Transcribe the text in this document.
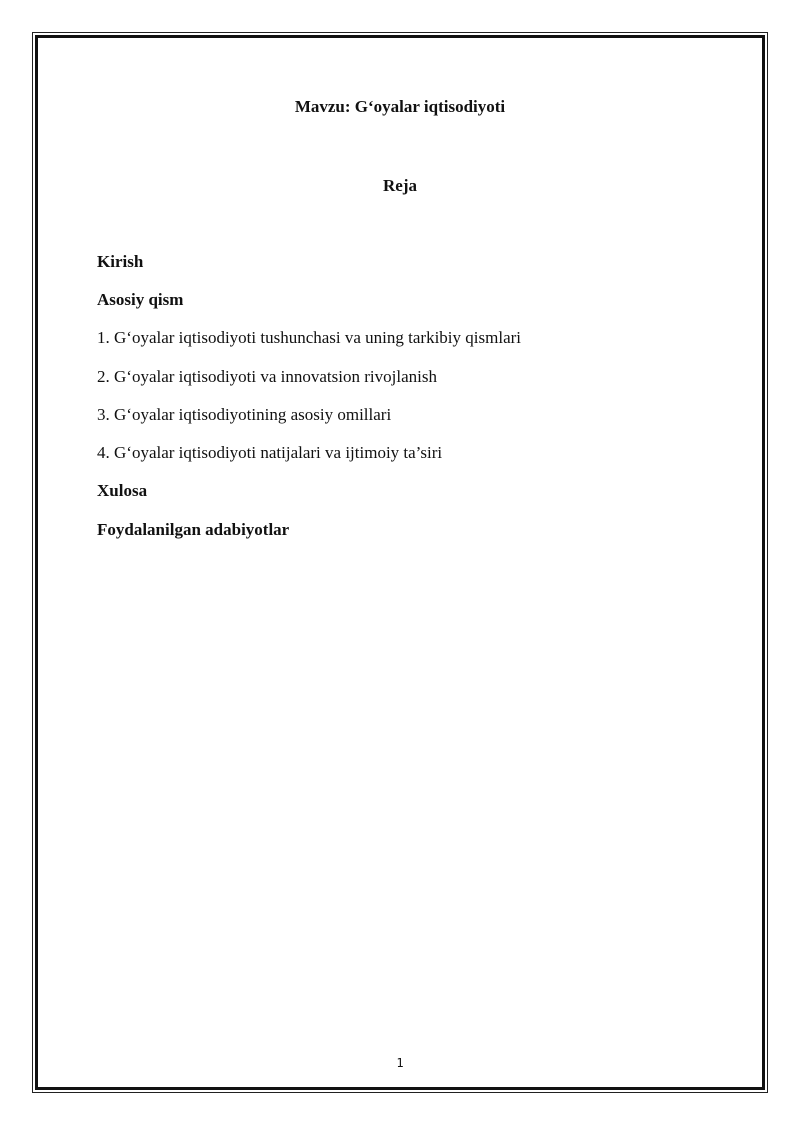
Mavzu: G‘oyalar iqtisodiyoti
Reja
Kirish
Asosiy qism
1. G‘oyalar iqtisodiyoti tushunchasi va uning tarkibiy qismlari
2. G‘oyalar iqtisodiyoti va innovatsion rivojlanish
3. G‘oyalar iqtisodiyotining asosiy omillari
4. G‘oyalar iqtisodiyoti natijalari va ijtimoiy ta’siri
Xulosa
Foydalanilgan adabiyotlar
1
